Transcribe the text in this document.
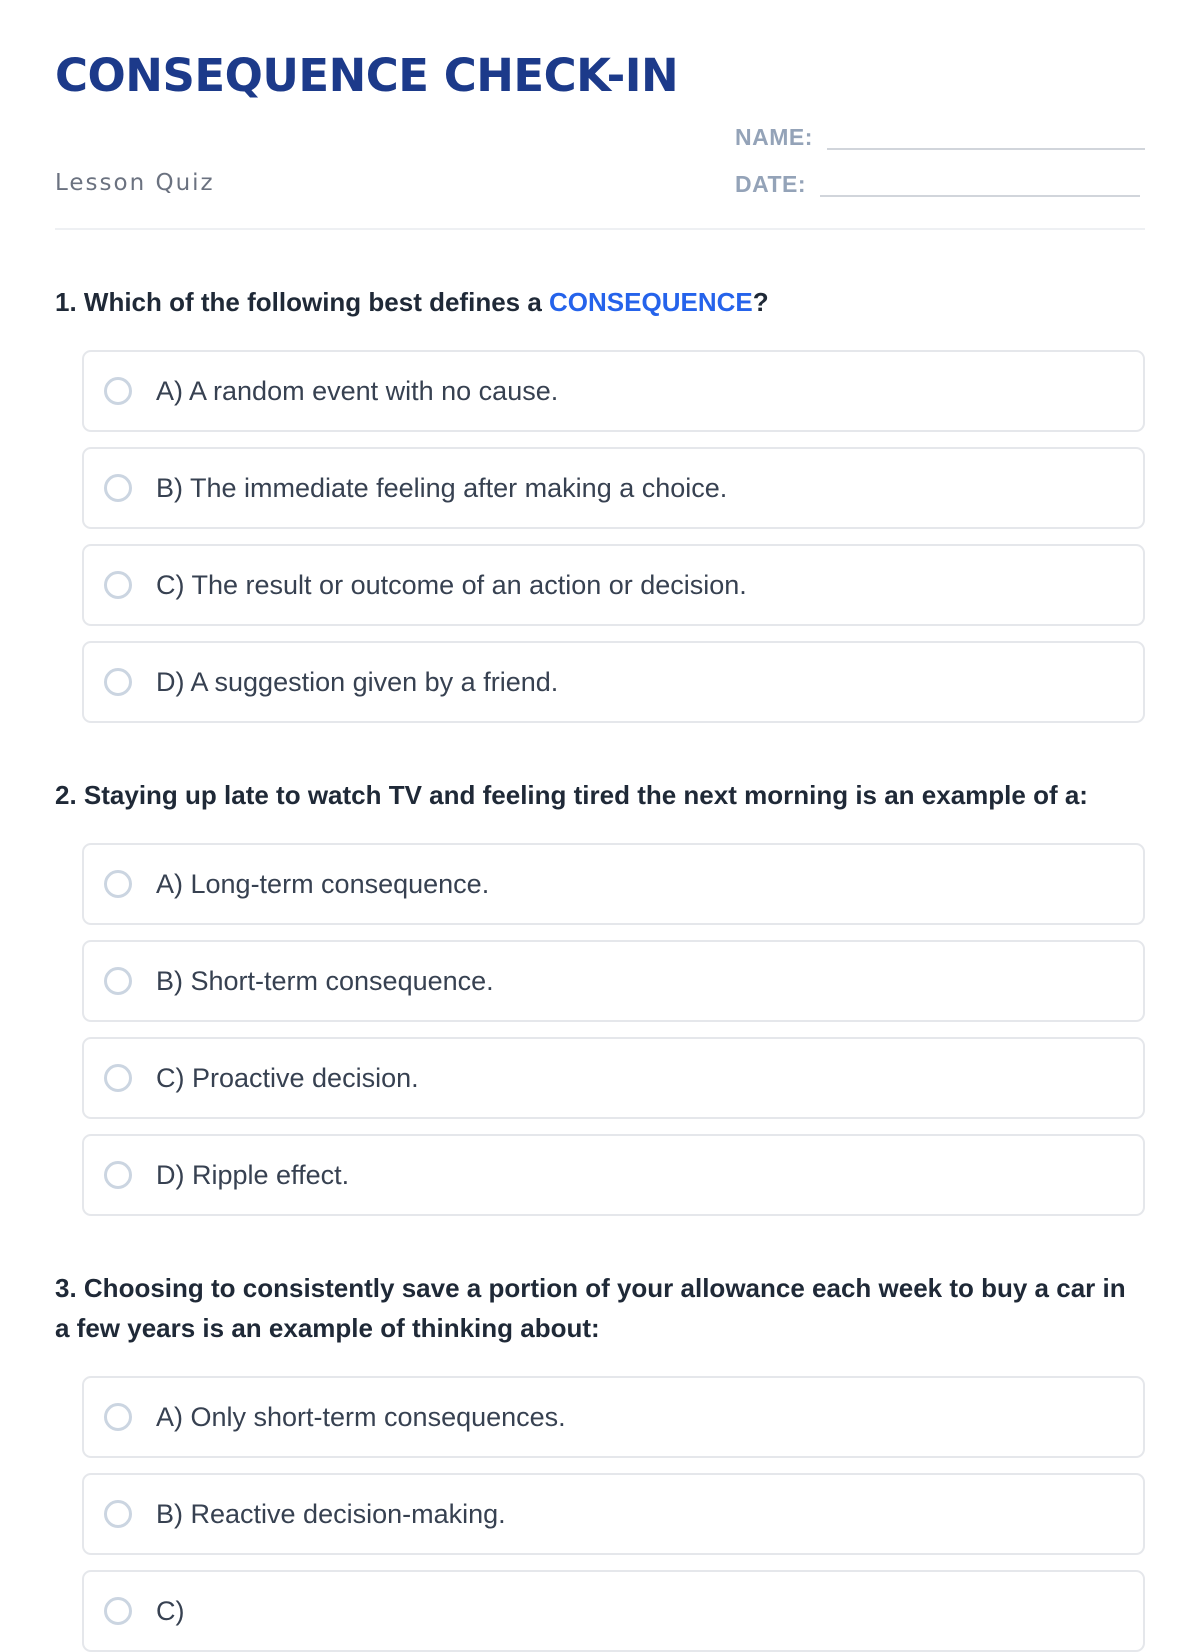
CONSEQUENCE CHECK-IN
Lesson Quiz
NAME:
DATE:

1. Which of the following best defines a CONSEQUENCE?

A) A random event with no cause.
B) The immediate feeling after making a choice.
C) The result or outcome of an action or decision.
D) A suggestion given by a friend.

2. Staying up late to watch TV and feeling tired the next morning is an example of a:

A) Long-term consequence.
B) Short-term consequence.
C) Proactive decision.
D) Ripple effect.

3. Choosing to consistently save a portion of your allowance each week to buy a car in a few years is an example of thinking about:

A) Only short-term consequences.
B) Reactive decision-making.
C)
